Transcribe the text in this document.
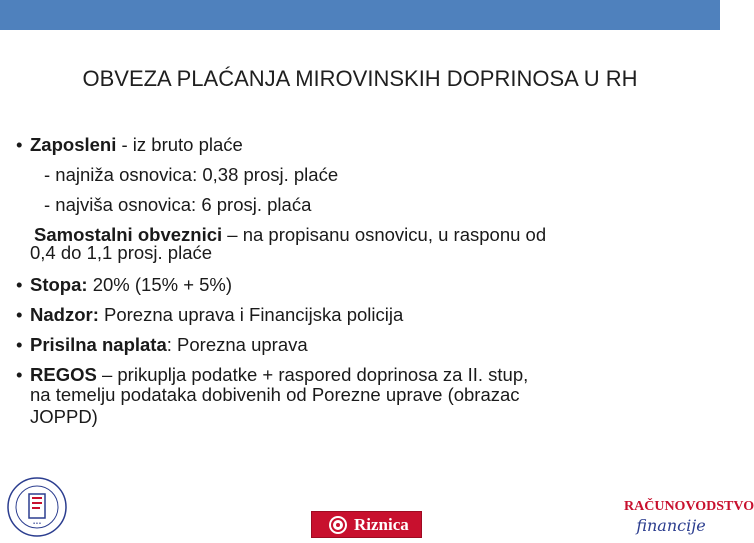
OBVEZA PLAĆANJA MIROVINSKIH DOPRINOSA U RH
• Zaposleni - iz bruto plaće
- najniža osnovica: 0,38 prosj. plaće
- najviša osnovica: 6 prosj. plaća
Samostalni obveznici – na propisanu osnovicu, u rasponu od
0,4 do 1,1 prosj. plaće
• Stopa: 20% (15% + 5%)
• Nadzor: Porezna uprava i Financijska policija
• Prisilna naplata: Porezna uprava
• REGOS – prikuplja podatke + raspored doprinosa za II. stup,
na temelju podataka dobivenih od Porezne uprave (obrazac
JOPPD)
•••	Riznica
RAČUNOVODSTVO
financije
